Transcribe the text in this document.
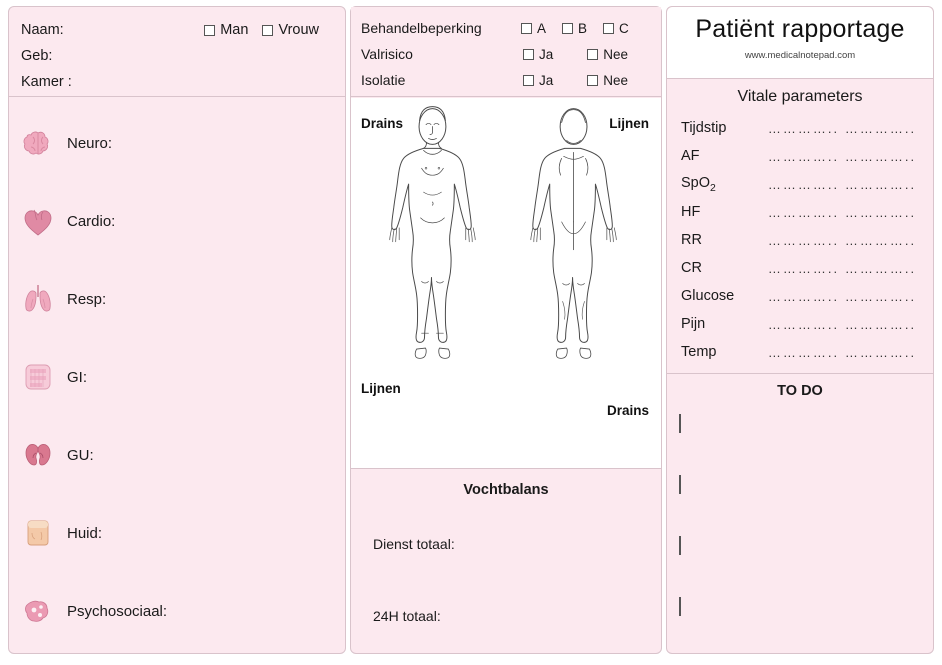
Naam:	Man Vrouw
Geb:
Kamer :
Neuro:
Cardio:
Resp:
GI:
GU:
Huid:
Psychosociaal:
Behandelbeperking	A B C
Valrisico	Ja	Nee
Isolatie	Ja	Nee
Drains	Lijnen
Lijnen
Drains
Vochtbalans
Dienst totaal:
24H totaal:
Patiënt rapportage
www.medicalnotepad.com
Vitale parameters
Tijdstip	………….. …………..
AF	………….. …………..
SpO$_2$	………….. …………..
HF	………….. …………..
RR	………….. …………..
CR	………….. …………..
Glucose	………….. …………..
Pijn	………….. …………..
Temp	………….. …………..
TO DO
